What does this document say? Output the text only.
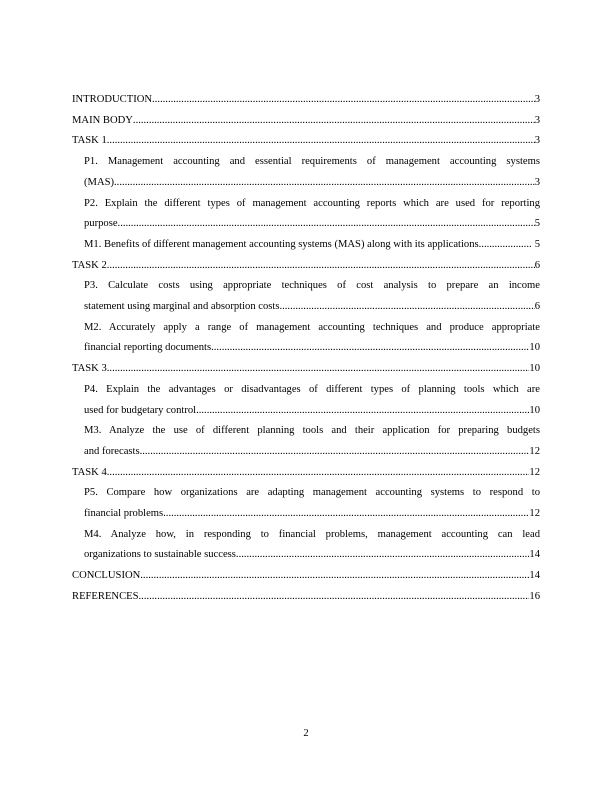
INTRODUCTION .....	3
MAIN BODY .....	3
TASK 1 .....	3
P1. Management accounting and essential requirements of management accounting systems
(MAS) .....	3
P2. Explain the different types of management accounting reports which are used for reporting
purpose .....	5
M1. Benefits of different management accounting systems (MAS) along with its applications .....	5
TASK 2 .....	6
P3. Calculate costs using appropriate techniques of cost analysis to prepare an income
statement using marginal and absorption costs .....	6
M2. Accurately apply a range of management accounting techniques and produce appropriate
financial reporting documents .....	10
TASK 3 .....	10
P4. Explain the advantages or disadvantages of different types of planning tools which are
used for budgetary control .....	10
M3. Analyze the use of different planning tools and their application for preparing budgets
and forecasts .....	12
TASK 4 .....	12
P5. Compare how organizations are adapting management accounting systems to respond to
financial problems .....	12
M4. Analyze how, in responding to financial problems, management accounting can lead
organizations to sustainable success .....	14
CONCLUSION .....	14
REFERENCES .....	16
2
